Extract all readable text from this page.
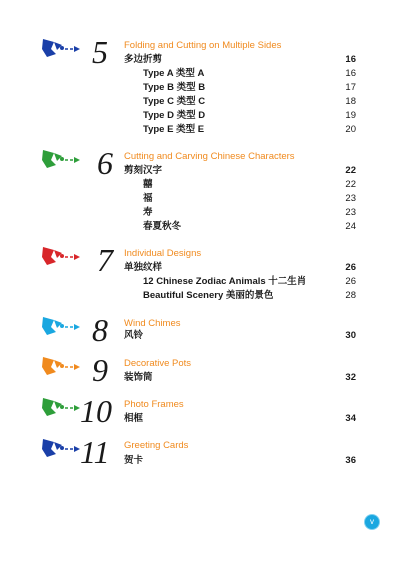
5 Folding and Cutting on Multiple Sides
多边折剪	16
Type A 类型 A	16
Type B 类型 B	17
Type C 类型 C	18
Type D 类型 D	19
Type E 类型 E	20
6 Cutting and Carving Chinese Characters
剪刻汉字	22
囍	22
福	23
寿	23
春夏秋冬	24
7 Individual Designs
单独纹样	26
12 Chinese Zodiac Animals 十二生肖	26
Beautiful Scenery 美丽的景色	28
8 Wind Chimes
风铃	30
9 Decorative Pots
装饰筒	32
10 Photo Frames
相框	34
11 Greeting Cards
贺卡	36
v
